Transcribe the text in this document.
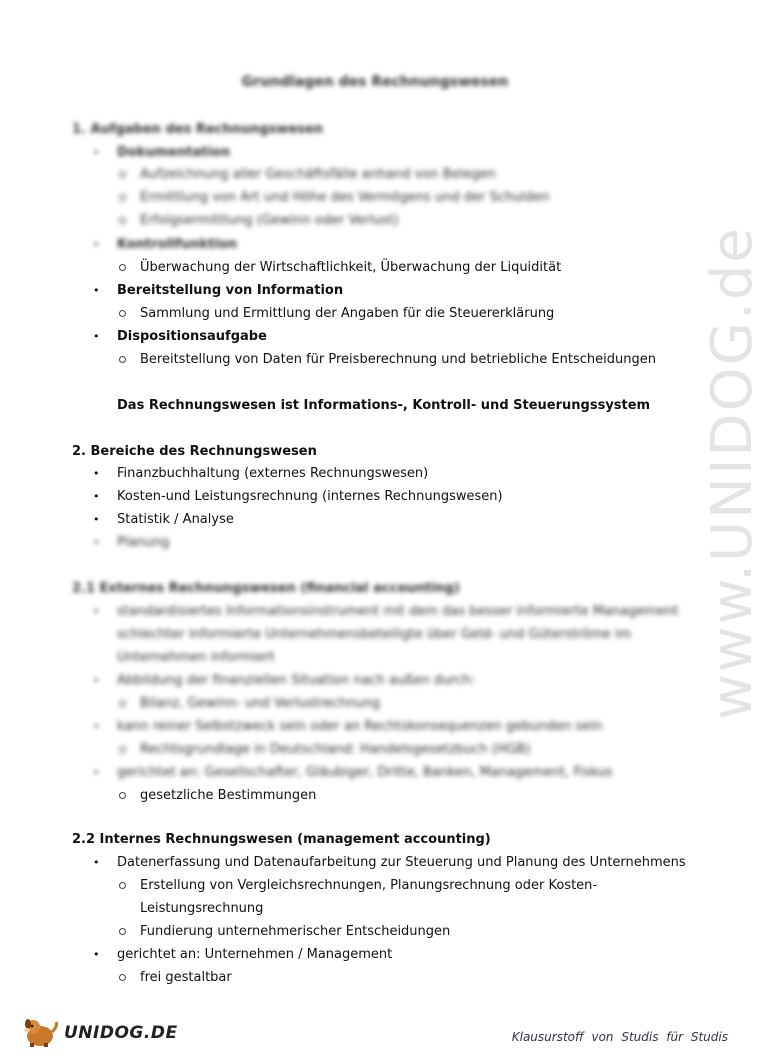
www.UNIDOG.de
Grundlagen des Rechnungswesen
1. Aufgaben des Rechnungswesen
• Dokumentation
Aufzeichnung aller Geschäftsfälle anhand von Belegen
Ermittlung von Art und Höhe des Vermögens und der Schulden
Erfolgsermittlung (Gewinn oder Verlust)
• Kontrollfunktion
Überwachung der Wirtschaftlichkeit, Überwachung der Liquidität
• Bereitstellung von Information
Sammlung und Ermittlung der Angaben für die Steuererklärung
• Dispositionsaufgabe
Bereitstellung von Daten für Preisberechnung und betriebliche Entscheidungen
Das Rechnungswesen ist Informations-, Kontroll- und Steuerungssystem
2. Bereiche des Rechnungswesen
• Finanzbuchhaltung (externes Rechnungswesen)
• Kosten-und Leistungsrechnung (internes Rechnungswesen)
• Statistik / Analyse
• Planung
2.1 Externes Rechnungswesen (financial accounting)
• standardisiertes Informationsinstrument mit dem das besser informierte Management
schlechter informierte Unternehmensbeteiligte über Geld- und Güterströme im
Unternehmen informiert
• Abbildung der finanziellen Situation nach außen durch:
Bilanz, Gewinn- und Verlustrechnung
• kann reiner Selbstzweck sein oder an Rechtskonsequenzen gebunden sein
Rechtsgrundlage in Deutschland: Handelsgesetzbuch (HGB)
• gerichtet an: Gesellschafter, Gläubiger, Dritte, Banken, Management, Fiskus
gesetzliche Bestimmungen
2.2 Internes Rechnungswesen (management accounting)
• Datenerfassung und Datenaufarbeitung zur Steuerung und Planung des Unternehmens
Erstellung von Vergleichsrechnungen, Planungsrechnung oder Kosten-
Leistungsrechnung
Fundierung unternehmerischer Entscheidungen
• gerichtet an: Unternehmen / Management
frei gestaltbar
UNIDOG.DE	Klausurstoff von Studis für Studis
